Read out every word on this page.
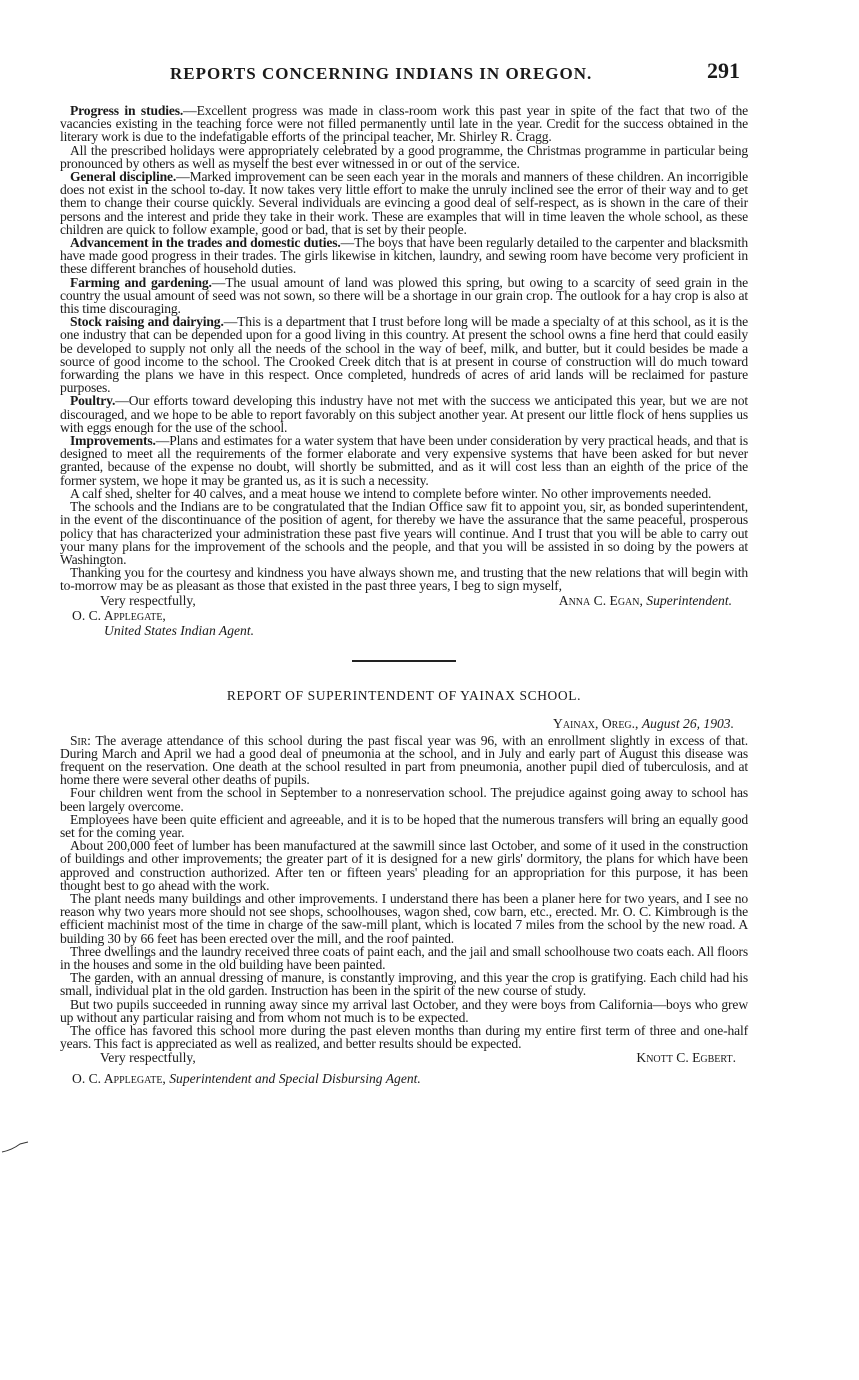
REPORTS CONCERNING INDIANS IN OREGON.	291

Progress in studies.—Excellent progress was made in class-room work this past year in spite of the fact that two of the vacancies existing in the teaching force were not filled permanently until late in the year. Credit for the success obtained in the literary work is due to the indefatigable efforts of the principal teacher, Mr. Shirley R. Cragg.

All the prescribed holidays were appropriately celebrated by a good programme, the Christmas programme in particular being pronounced by others as well as myself the best ever witnessed in or out of the service.

General discipline.—Marked improvement can be seen each year in the morals and manners of these children. An incorrigible does not exist in the school to-day. It now takes very little effort to make the unruly inclined see the error of their way and to get them to change their course quickly. Several individuals are evincing a good deal of self-respect, as is shown in the care of their persons and the interest and pride they take in their work. These are examples that will in time leaven the whole school, as these children are quick to follow example, good or bad, that is set by their people.

Advancement in the trades and domestic duties.—The boys that have been regularly detailed to the carpenter and blacksmith have made good progress in their trades. The girls likewise in kitchen, laundry, and sewing room have become very proficient in these different branches of household duties.

Farming and gardening.—The usual amount of land was plowed this spring, but owing to a scarcity of seed grain in the country the usual amount of seed was not sown, so there will be a shortage in our grain crop. The outlook for a hay crop is also at this time discouraging.

Stock raising and dairying.—This is a department that I trust before long will be made a specialty of at this school, as it is the one industry that can be depended upon for a good living in this country. At present the school owns a fine herd that could easily be developed to supply not only all the needs of the school in the way of beef, milk, and butter, but it could besides be made a source of good income to the school. The Crooked Creek ditch that is at present in course of construction will do much toward forwarding the plans we have in this respect. Once completed, hundreds of acres of arid lands will be reclaimed for pasture purposes.

Poultry.—Our efforts toward developing this industry have not met with the success we anticipated this year, but we are not discouraged, and we hope to be able to report favorably on this subject another year. At present our little flock of hens supplies us with eggs enough for the use of the school.

Improvements.—Plans and estimates for a water system that have been under consideration by very practical heads, and that is designed to meet all the requirements of the former elaborate and very expensive systems that have been asked for but never granted, because of the expense no doubt, will shortly be submitted, and as it will cost less than an eighth of the price of the former system, we hope it may be granted us, as it is such a necessity.

A calf shed, shelter for 40 calves, and a meat house we intend to complete before winter. No other improvements needed.

The schools and the Indians are to be congratulated that the Indian Office saw fit to appoint you, sir, as bonded superintendent, in the event of the discontinuance of the position of agent, for thereby we have the assurance that the same peaceful, prosperous policy that has characterized your administration these past five years will continue. And I trust that you will be able to carry out your many plans for the improvement of the schools and the people, and that you will be assisted in so doing by the powers at Washington.

Thanking you for the courtesy and kindness you have always shown me, and trusting that the new relations that will begin with to-morrow may be as pleasant as those that existed in the past three years, I beg to sign myself,

Very respectfully,	Anna C. Egan, Superintendent.
O. C. Applegate,
United States Indian Agent.
REPORT OF SUPERINTENDENT OF YAINAX SCHOOL.
Yainax, Oreg., August 26, 1903.

Sir: The average attendance of this school during the past fiscal year was 96, with an enrollment slightly in excess of that. During March and April we had a good deal of pneumonia at the school, and in July and early part of August this disease was frequent on the reservation. One death at the school resulted in part from pneumonia, another pupil died of tuberculosis, and at home there were several other deaths of pupils.

Four children went from the school in September to a nonreservation school. The prejudice against going away to school has been largely overcome.

Employees have been quite efficient and agreeable, and it is to be hoped that the numerous transfers will bring an equally good set for the coming year.

About 200,000 feet of lumber has been manufactured at the sawmill since last October, and some of it used in the construction of buildings and other improvements; the greater part of it is designed for a new girls' dormitory, the plans for which have been approved and construction authorized. After ten or fifteen years' pleading for an appropriation for this purpose, it has been thought best to go ahead with the work.

The plant needs many buildings and other improvements. I understand there has been a planer here for two years, and I see no reason why two years more should not see shops, schoolhouses, wagon shed, cow barn, etc., erected. Mr. O. C. Kimbrough is the efficient machinist most of the time in charge of the saw-mill plant, which is located 7 miles from the school by the new road. A building 30 by 66 feet has been erected over the mill, and the roof painted.

Three dwellings and the laundry received three coats of paint each, and the jail and small schoolhouse two coats each. All floors in the houses and some in the old building have been painted.

The garden, with an annual dressing of manure, is constantly improving, and this year the crop is gratifying. Each child had his small, individual plat in the old garden. Instruction has been in the spirit of the new course of study.

But two pupils succeeded in running away since my arrival last October, and they were boys from California—boys who grew up without any particular raising and from whom not much is to be expected.

The office has favored this school more during the past eleven months than during my entire first term of three and one-half years. This fact is appreciated as well as realized, and better results should be expected.

Very respectfully,	Knott C. Egbert.
O. C. Applegate, Superintendent and Special Disbursing Agent.
